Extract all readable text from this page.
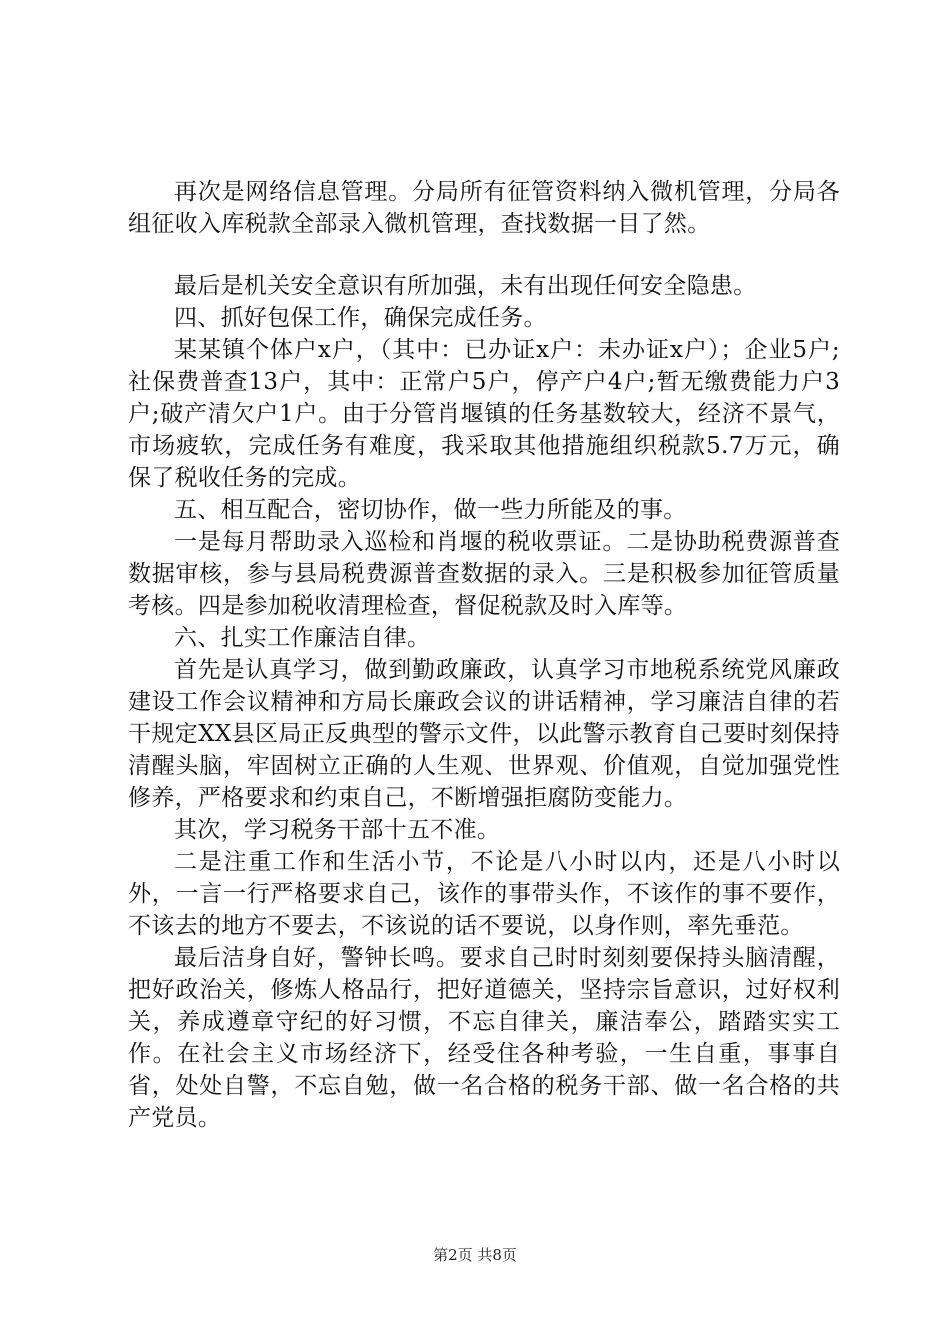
再次是网络信息管理。分局所有征管资料纳入微机管理，分局各组征收入库税款全部录入微机管理，查找数据一目了然。

最后是机关安全意识有所加强，未有出现任何安全隐患。

四、抓好包保工作，确保完成任务。

某某镇个体户x户，（其中：已办证x户：未办证x户）；企业5户;社保费普查13户，其中：正常户5户，停产户4户;暂无缴费能力户3户;破产清欠户1户。由于分管肖堰镇的任务基数较大，经济不景气，市场疲软，完成任务有难度，我采取其他措施组织税款5.7万元，确保了税收任务的完成。

五、相互配合，密切协作，做一些力所能及的事。

一是每月帮助录入巡检和肖堰的税收票证。二是协助税费源普查数据审核，参与县局税费源普查数据的录入。三是积极参加征管质量考核。四是参加税收清理检查，督促税款及时入库等。

六、扎实工作廉洁自律。

首先是认真学习，做到勤政廉政，认真学习市地税系统党风廉政建设工作会议精神和方局长廉政会议的讲话精神，学习廉洁自律的若干规定XX县区局正反典型的警示文件，以此警示教育自己要时刻保持清醒头脑，牢固树立正确的人生观、世界观、价值观，自觉加强党性修养，严格要求和约束自己，不断增强拒腐防变能力。

其次，学习税务干部十五不准。

二是注重工作和生活小节，不论是八小时以内，还是八小时以外，一言一行严格要求自己，该作的事带头作，不该作的事不要作，不该去的地方不要去，不该说的话不要说，以身作则，率先垂范。

最后洁身自好，警钟长鸣。要求自己时时刻刻要保持头脑清醒，把好政治关，修炼人格品行，把好道德关，坚持宗旨意识，过好权利关，养成遵章守纪的好习惯，不忘自律关，廉洁奉公，踏踏实实工作。在社会主义市场经济下，经受住各种考验，一生自重，事事自省，处处自警，不忘自勉，做一名合格的税务干部、做一名合格的共产党员。

第2页 共8页
